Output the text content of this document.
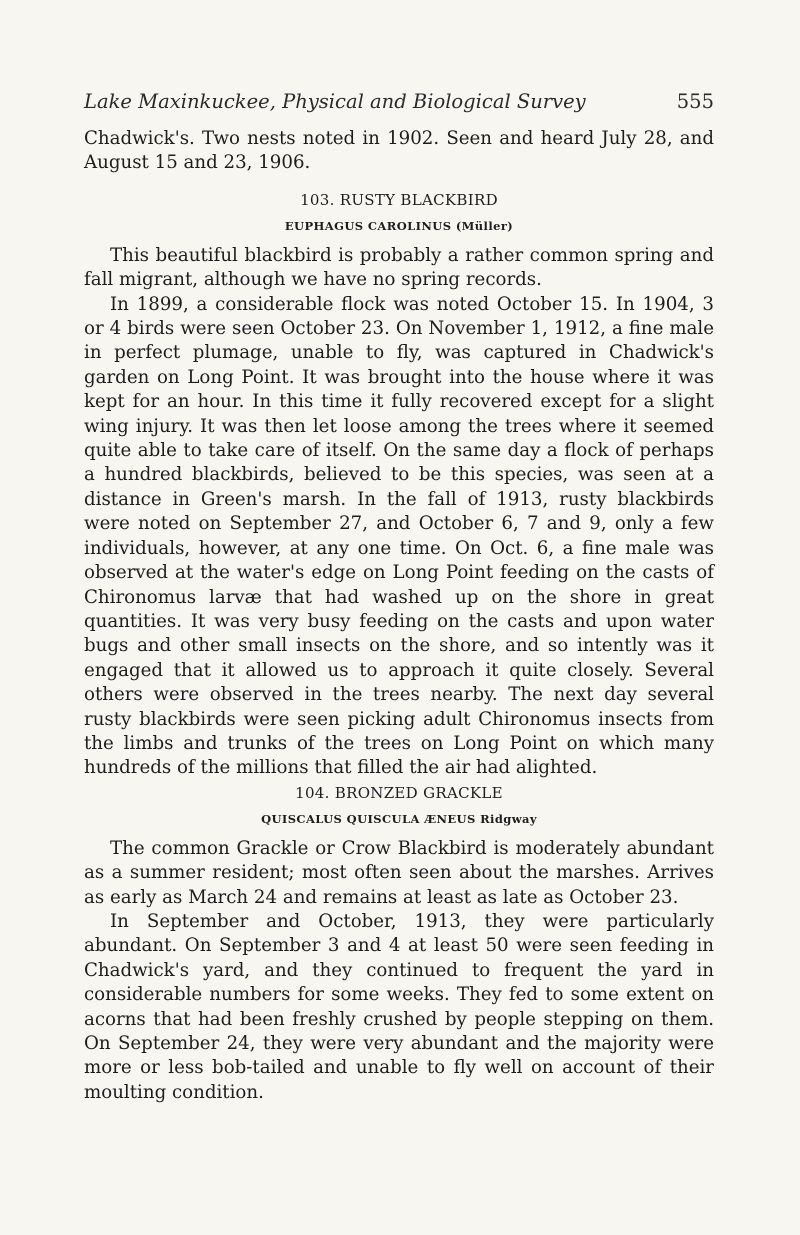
Lake Maxinkuckee, Physical and Biological Survey	555

Chadwick's. Two nests noted in 1902. Seen and heard July 28, and August 15 and 23, 1906.

103. RUSTY BLACKBIRD
EUPHAGUS CAROLINUS (Müller)

This beautiful blackbird is probably a rather common spring and fall migrant, although we have no spring records.

In 1899, a considerable flock was noted October 15. In 1904, 3 or 4 birds were seen October 23. On November 1, 1912, a fine male in perfect plumage, unable to fly, was captured in Chadwick's garden on Long Point. It was brought into the house where it was kept for an hour. In this time it fully recovered except for a slight wing injury. It was then let loose among the trees where it seemed quite able to take care of itself. On the same day a flock of perhaps a hundred blackbirds, believed to be this species, was seen at a distance in Green's marsh. In the fall of 1913, rusty blackbirds were noted on September 27, and October 6, 7 and 9, only a few individuals, however, at any one time. On Oct. 6, a fine male was observed at the water's edge on Long Point feeding on the casts of Chironomus larvæ that had washed up on the shore in great quantities. It was very busy feeding on the casts and upon water bugs and other small insects on the shore, and so intently was it engaged that it allowed us to approach it quite closely. Several others were observed in the trees nearby. The next day several rusty blackbirds were seen picking adult Chironomus insects from the limbs and trunks of the trees on Long Point on which many hundreds of the millions that filled the air had alighted.

104. BRONZED GRACKLE
QUISCALUS QUISCULA ÆNEUS Ridgway

The common Grackle or Crow Blackbird is moderately abundant as a summer resident; most often seen about the marshes. Arrives as early as March 24 and remains at least as late as October 23.

In September and October, 1913, they were particularly abundant. On September 3 and 4 at least 50 were seen feeding in Chadwick's yard, and they continued to frequent the yard in considerable numbers for some weeks. They fed to some extent on acorns that had been freshly crushed by people stepping on them. On September 24, they were very abundant and the majority were more or less bob-tailed and unable to fly well on account of their moulting condition.
